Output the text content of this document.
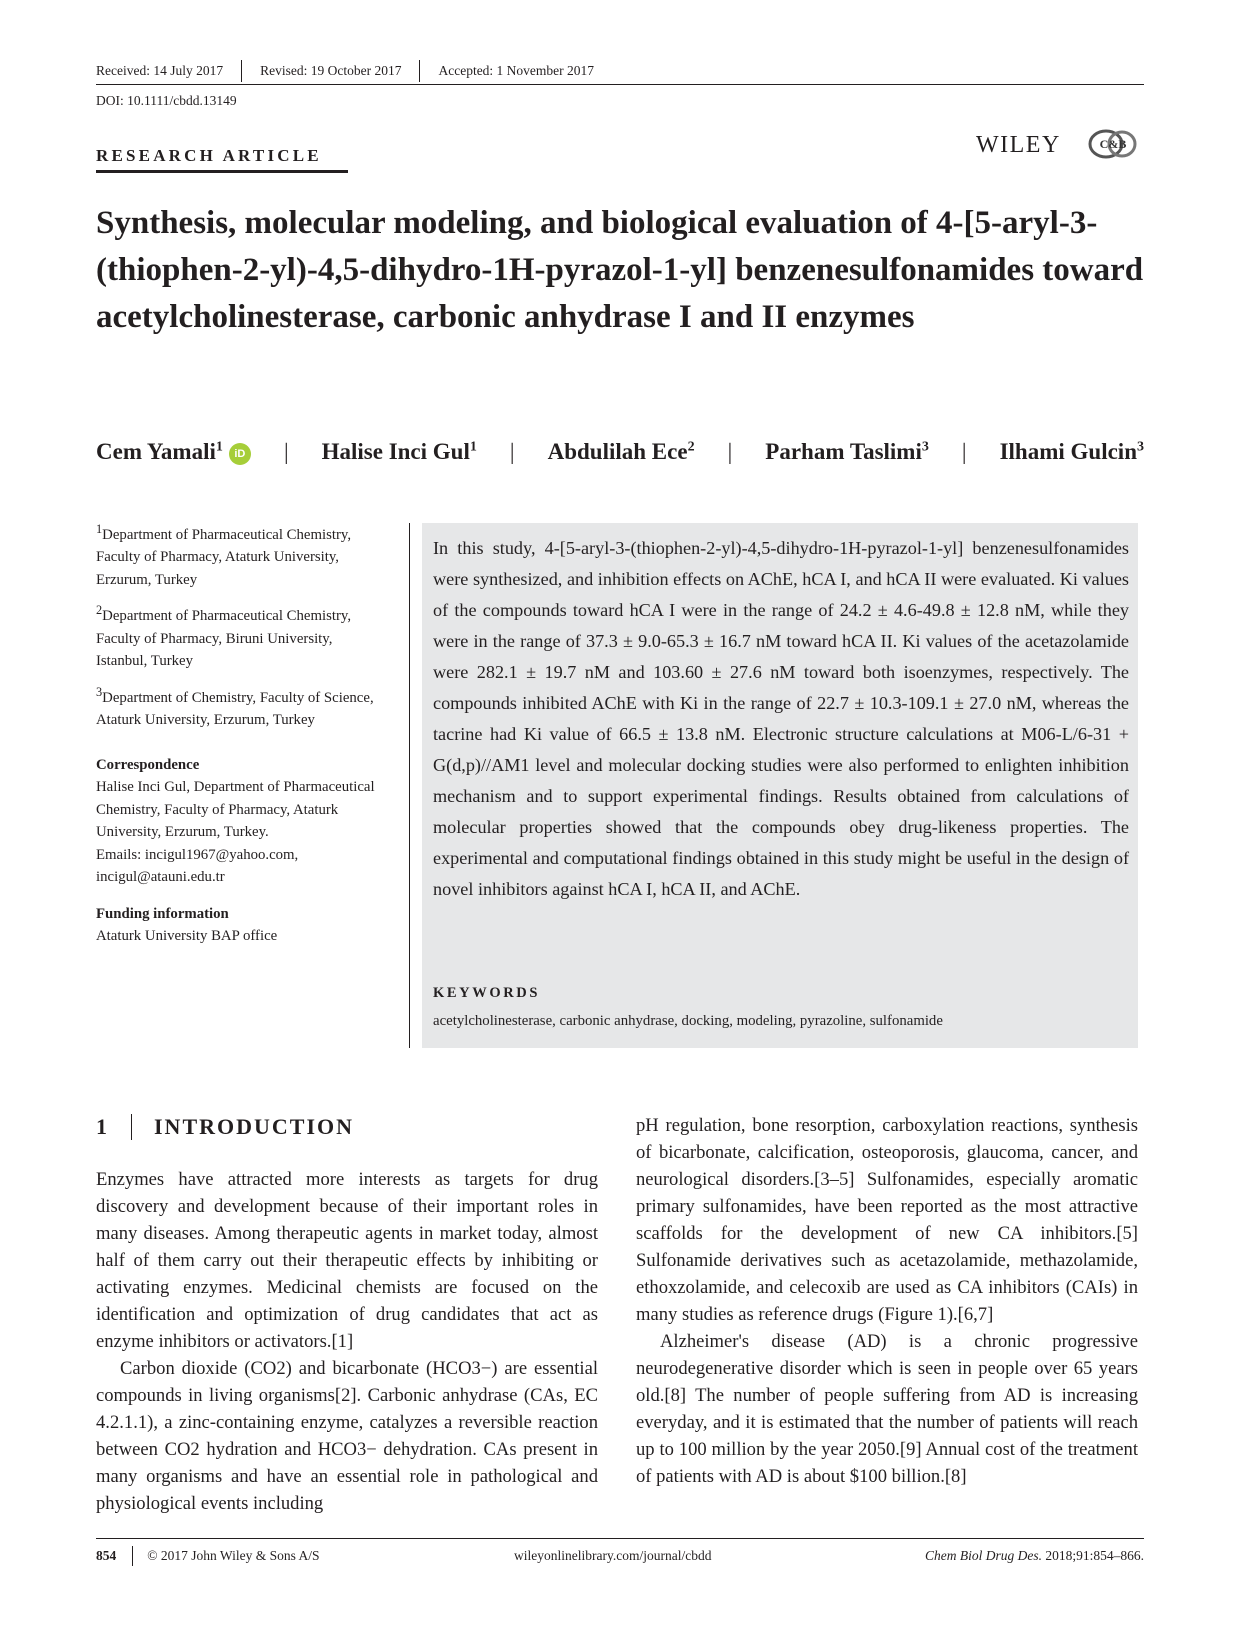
Received: 14 July 2017	Revised: 19 October 2017	Accepted: 1 November 2017
DOI: 10.1111/cbdd.13149
RESEARCH ARTICLE	WILEY	C&B
Synthesis, molecular modeling, and biological evaluation of 4-[5-aryl-3-(thiophen-2-yl)-4,5-dihydro-1H-pyrazol-1-yl] benzenesulfonamides toward acetylcholinesterase, carbonic anhydrase I and II enzymes
Cem Yamali$^1$ iD | Halise Inci Gul$^1$ | Abdulilah Ece$^2$ | Parham Taslimi$^3$ | Ilhami Gulcin$^3$

$^1$Department of Pharmaceutical Chemistry, Faculty of Pharmacy, Ataturk University, Erzurum, Turkey

$^2$Department of Pharmaceutical Chemistry, Faculty of Pharmacy, Biruni University, Istanbul, Turkey

$^3$Department of Chemistry, Faculty of Science, Ataturk University, Erzurum, Turkey

Correspondence

Halise Inci Gul, Department of Pharmaceutical Chemistry, Faculty of Pharmacy, Ataturk University, Erzurum, Turkey.

Emails: incigul1967@yahoo.com, incigul@atauni.edu.tr

Funding information

Ataturk University BAP office

In this study, 4-[5-aryl-3-(thiophen-2-yl)-4,5-dihydro-1H-pyrazol-1-yl] benzenesulfonamides were synthesized, and inhibition effects on AChE, hCA I, and hCA II were evaluated. Ki values of the compounds toward hCA I were in the range of 24.2 ± 4.6-49.8 ± 12.8 nM, while they were in the range of 37.3 ± 9.0-65.3 ± 16.7 nM toward hCA II. Ki values of the acetazolamide were 282.1 ± 19.7 nM and 103.60 ± 27.6 nM toward both isoenzymes, respectively. The compounds inhibited AChE with Ki in the range of 22.7 ± 10.3-109.1 ± 27.0 nM, whereas the tacrine had Ki value of 66.5 ± 13.8 nM. Electronic structure calculations at M06-L/6-31 + G(d,p)//AM1 level and molecular docking studies were also performed to enlighten inhibition mechanism and to support experimental findings. Results obtained from calculations of molecular properties showed that the compounds obey drug-likeness properties. The experimental and computational findings obtained in this study might be useful in the design of novel inhibitors against hCA I, hCA II, and AChE.
KEYWORDS
acetylcholinesterase, carbonic anhydrase, docking, modeling, pyrazoline, sulfonamide
1 INTRODUCTION

Enzymes have attracted more interests as targets for drug discovery and development because of their important roles in many diseases. Among therapeutic agents in market today, almost half of them carry out their therapeutic effects by inhibiting or activating enzymes. Medicinal chemists are focused on the identification and optimization of drug candidates that act as enzyme inhibitors or activators.[1]

Carbon dioxide (CO2) and bicarbonate (HCO3−) are essential compounds in living organisms[2]. Carbonic anhydrase (CAs, EC 4.2.1.1), a zinc-containing enzyme, catalyzes a reversible reaction between CO2 hydration and HCO3− dehydration. CAs present in many organisms and have an essential role in pathological and physiological events including

pH regulation, bone resorption, carboxylation reactions, synthesis of bicarbonate, calcification, osteoporosis, glaucoma, cancer, and neurological disorders.[3–5] Sulfonamides, especially aromatic primary sulfonamides, have been reported as the most attractive scaffolds for the development of new CA inhibitors.[5] Sulfonamide derivatives such as acetazolamide, methazolamide, ethoxzolamide, and celecoxib are used as CA inhibitors (CAIs) in many studies as reference drugs (Figure 1).[6,7]

Alzheimer's disease (AD) is a chronic progressive neurodegenerative disorder which is seen in people over 65 years old.[8] The number of people suffering from AD is increasing everyday, and it is estimated that the number of patients will reach up to 100 million by the year 2050.[9] Annual cost of the treatment of patients with AD is about $100 billion.[8]

854 © 2017 John Wiley & Sons A/S	wileyonlinelibrary.com/journal/cbdd	Chem Biol Drug Des. 2018;91:854–866.
